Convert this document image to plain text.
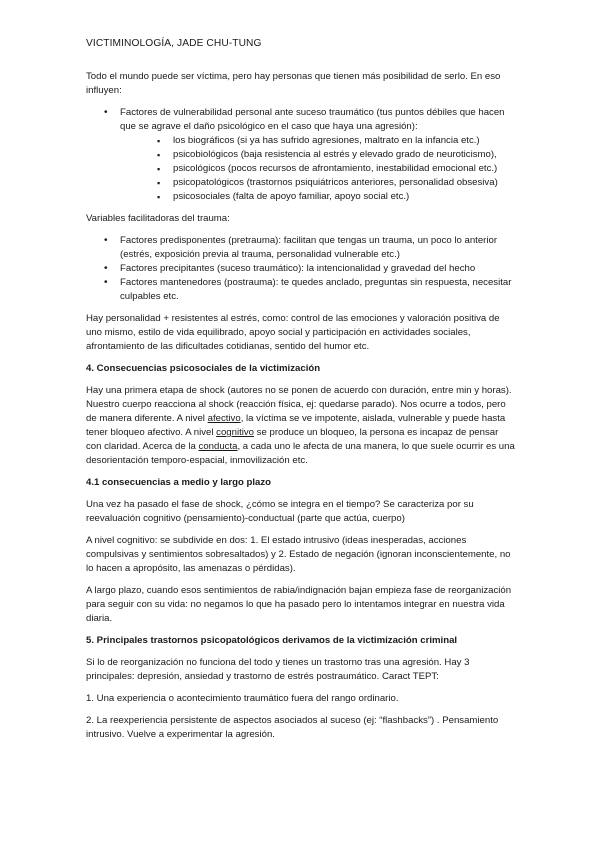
VICTIMINOLOGÍA, JADE CHU-TUNG

Todo el mundo puede ser víctima, pero hay personas que tienen más posibilidad de serlo. En eso influyen:

• Factores de vulnerabilidad personal ante suceso traumático (tus puntos débiles que hacen que se agrave el daño psicológico en el caso que haya una agresión):
▪ los biográficos (si ya has sufrido agresiones, maltrato en la infancia etc.)
▪ psicobiológicos (baja resistencia al estrés y elevado grado de neuroticismo),
▪ psicológicos (pocos recursos de afrontamiento, inestabilidad emocional etc.)
▪ psicopatológicos (trastornos psiquiátricos anteriores, personalidad obsesiva)
▪ psicosociales (falta de apoyo familiar, apoyo social etc.)

Variables facilitadoras del trauma:

• Factores predisponentes (pretrauma): facilitan que tengas un trauma, un poco lo anterior (estrés, exposición previa al trauma, personalidad vulnerable etc.)
• Factores precipitantes (suceso traumático): la intencionalidad y gravedad del hecho
• Factores mantenedores (postrauma): te quedes anclado, preguntas sin respuesta, necesitar culpables etc.

Hay personalidad + resistentes al estrés, como: control de las emociones y valoración positiva de uno mismo, estilo de vida equilibrado, apoyo social y participación en actividades sociales, afrontamiento de las dificultades cotidianas, sentido del humor etc.

4. Consecuencias psicosociales de la victimización

Hay una primera etapa de shock (autores no se ponen de acuerdo con duración, entre min y horas). Nuestro cuerpo reacciona al shock (reacción física, ej: quedarse parado). Nos ocurre a todos, pero de manera diferente. A nivel afectivo, la víctima se ve impotente, aislada, vulnerable y puede hasta tener bloqueo afectivo. A nivel cognitivo se produce un bloqueo, la persona es incapaz de pensar con claridad. Acerca de la conducta, a cada uno le afecta de una manera, lo que suele ocurrir es una desorientación temporo-espacial, inmovilización etc.

4.1 consecuencias a medio y largo plazo

Una vez ha pasado el fase de shock, ¿cómo se integra en el tiempo? Se caracteriza por su reevaluación cognitivo (pensamiento)-conductual (parte que actúa, cuerpo)

A nivel cognitivo: se subdivide en dos: 1. El estado intrusivo (ideas inesperadas, acciones compulsivas y sentimientos sobresaltados) y 2. Estado de negación (ignoran inconscientemente, no lo hacen a apropósito, las amenazas o pérdidas).

A largo plazo, cuando esos sentimientos de rabia/indignación bajan empieza fase de reorganización para seguir con su vida: no negamos lo que ha pasado pero lo intentamos integrar en nuestra vida diaria.

5. Principales trastornos psicopatológicos derivamos de la victimización criminal

Si lo de reorganización no funciona del todo y tienes un trastorno tras una agresión. Hay 3 principales: depresión, ansiedad y trastorno de estrés postraumático. Caract TEPT:

1. Una experiencia o acontecimiento traumático fuera del rango ordinario.

2. La reexperiencia persistente de aspectos asociados al suceso (ej: “flashbacks”) . Pensamiento intrusivo. Vuelve a experimentar la agresión.
